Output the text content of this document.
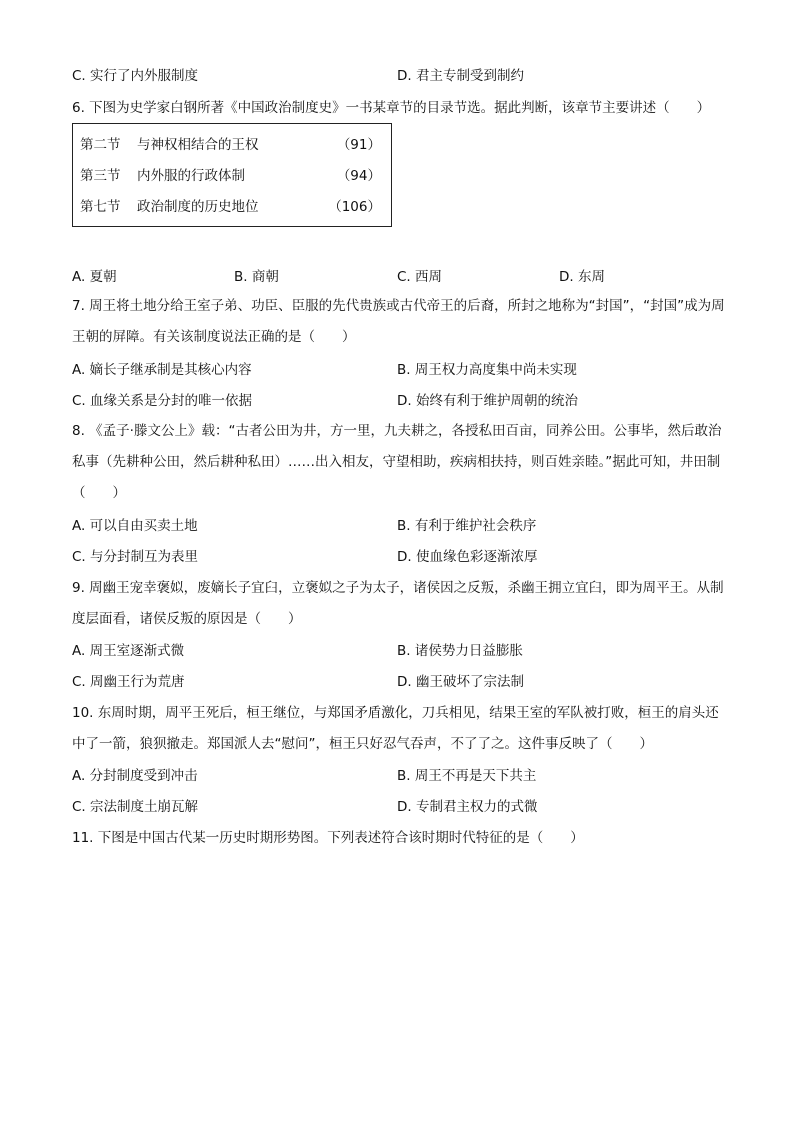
C. 实行了内外服制度	D. 君主专制受到制约
6. 下图为史学家白钢所著《中国政治制度史》一书某章节的目录节选。据此判断，该章节主要讲述（　　）
第二节 与神权相结合的王权	（91）
第三节 内外服的行政体制	（94）
第七节 政治制度的历史地位	（106）
A. 夏朝	B. 商朝	C. 西周	D. 东周
7. 周王将土地分给王室子弟、功臣、臣服的先代贵族或古代帝王的后裔，所封之地称为“封国”，“封国”成为周王朝的屏障。有关该制度说法正确的是（　　）
A. 嫡长子继承制是其核心内容	B. 周王权力高度集中尚未实现
C. 血缘关系是分封的唯一依据	D. 始终有利于维护周朝的统治
8. 《孟子·滕文公上》载：“古者公田为井，方一里，九夫耕之，各授私田百亩，同养公田。公事毕，然后敢治私事（先耕种公田，然后耕种私田）……出入相友，守望相助，疾病相扶持，则百姓亲睦。”据此可知，井田制（　　）
A. 可以自由买卖土地	B. 有利于维护社会秩序
C. 与分封制互为表里	D. 使血缘色彩逐渐浓厚
9. 周幽王宠幸褒姒，废嫡长子宜臼，立褒姒之子为太子，诸侯因之反叛，杀幽王拥立宜臼，即为周平王。从制度层面看，诸侯反叛的原因是（　　）
A. 周王室逐渐式微	B. 诸侯势力日益膨胀
C. 周幽王行为荒唐	D. 幽王破坏了宗法制
10. 东周时期，周平王死后，桓王继位，与郑国矛盾激化，刀兵相见，结果王室的军队被打败，桓王的肩头还中了一箭，狼狈撤走。郑国派人去“慰问”，桓王只好忍气吞声，不了了之。这件事反映了（　　）
A. 分封制度受到冲击	B. 周王不再是天下共主
C. 宗法制度土崩瓦解	D. 专制君主权力的式微
11. 下图是中国古代某一历史时期形势图。下列表述符合该时期时代特征的是（　　）
